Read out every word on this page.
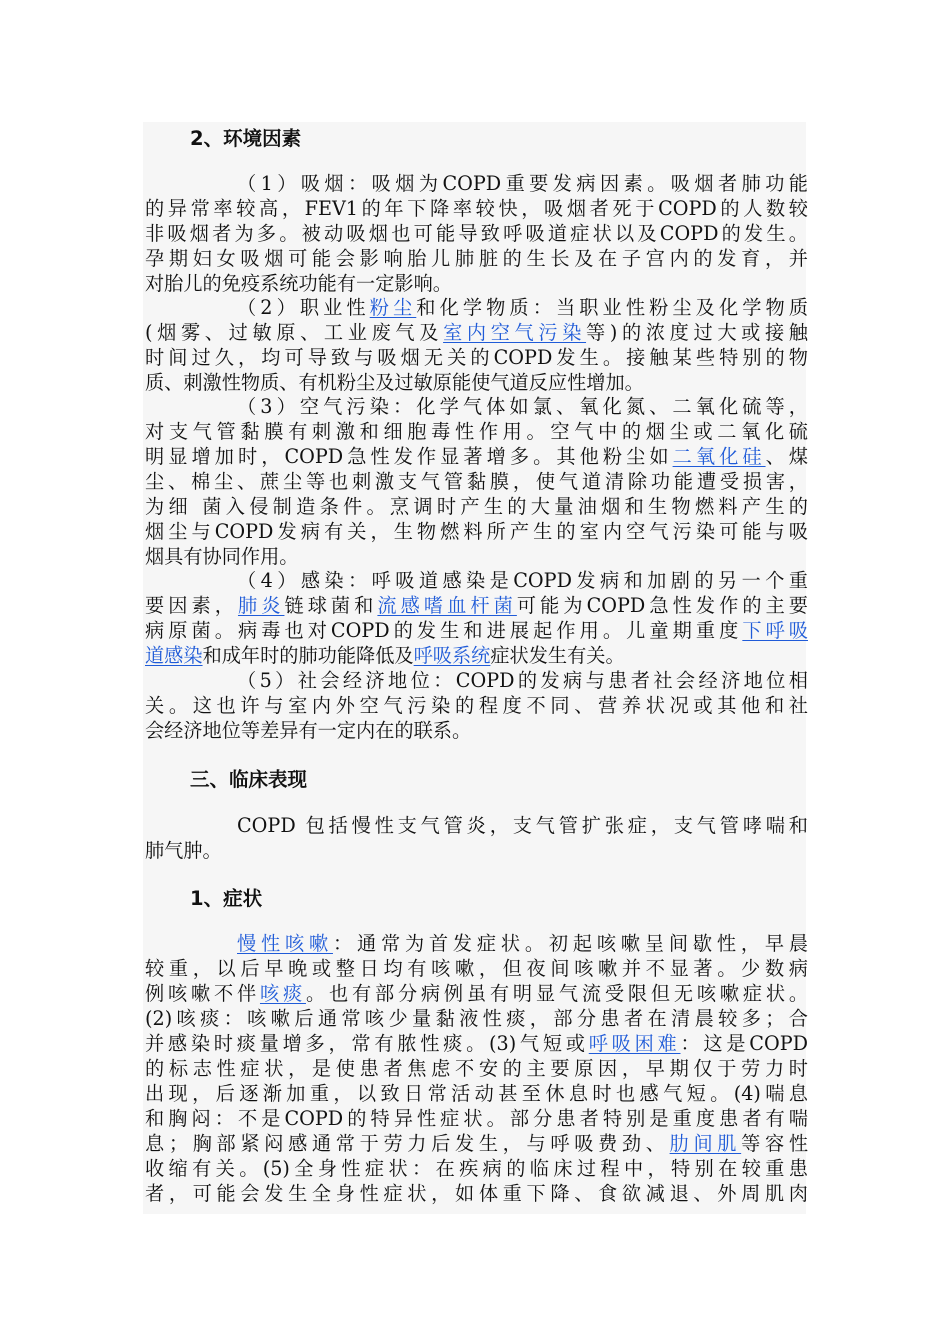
2、环境因素
（1）吸烟：吸烟为COPD重要发病因素。吸烟者肺功能
的异常率较高，FEV1的年下降率较快，吸烟者死于COPD的人数较
非吸烟者为多。被动吸烟也可能导致呼吸道症状以及COPD的发生。
孕期妇女吸烟可能会影响胎儿肺脏的生长及在子宫内的发育，并
对胎儿的免疫系统功能有一定影响。
（2）职业性粉尘和化学物质：当职业性粉尘及化学物质
(烟雾、过敏原、工业废气及室内空气污染等)的浓度过大或接触
时间过久，均可导致与吸烟无关的COPD发生。接触某些特别的物
质、刺激性物质、有机粉尘及过敏原能使气道反应性增加。
（3）空气污染：化学气体如氯、氧化氮、二氧化硫等，
对支气管黏膜有刺激和细胞毒性作用。空气中的烟尘或二氧化硫
明显增加时，COPD急性发作显著增多。其他粉尘如二氧化硅、煤
尘、棉尘、蔗尘等也刺激支气管黏膜，使气道清除功能遭受损害，
为细 菌入侵制造条件。烹调时产生的大量油烟和生物燃料产生的
烟尘与COPD发病有关，生物燃料所产生的室内空气污染可能与吸
烟具有协同作用。
（4）感染：呼吸道感染是COPD发病和加剧的另一个重
要因素，肺炎链球菌和流感嗜血杆菌可能为COPD急性发作的主要
病原菌。病毒也对COPD的发生和进展起作用。儿童期重度下呼吸
道感染和成年时的肺功能降低及呼吸系统症状发生有关。
（5）社会经济地位：COPD的发病与患者社会经济地位相
关。这也许与室内外空气污染的程度不同、营养状况或其他和社
会经济地位等差异有一定内在的联系。
三、临床表现
COPD 包括慢性支气管炎，支气管扩张症，支气管哮喘和
肺气肿。
1、症状
慢性咳嗽：通常为首发症状。初起咳嗽呈间歇性，早晨
较重，以后早晚或整日均有咳嗽，但夜间咳嗽并不显著。少数病
例咳嗽不伴咳痰。也有部分病例虽有明显气流受限但无咳嗽症状。
(2)咳痰：咳嗽后通常咳少量黏液性痰，部分患者在清晨较多；合
并感染时痰量增多，常有脓性痰。(3)气短或呼吸困难：这是COPD
的标志性症状，是使患者焦虑不安的主要原因，早期仅于劳力时
出现，后逐渐加重，以致日常活动甚至休息时也感气短。(4)喘息
和胸闷：不是COPD的特异性症状。部分患者特别是重度患者有喘
息；胸部紧闷感通常于劳力后发生，与呼吸费劲、肋间肌等容性
收缩有关。(5)全身性症状：在疾病的临床过程中，特别在较重患
者，可能会发生全身性症状，如体重下降、食欲减退、外周肌肉
